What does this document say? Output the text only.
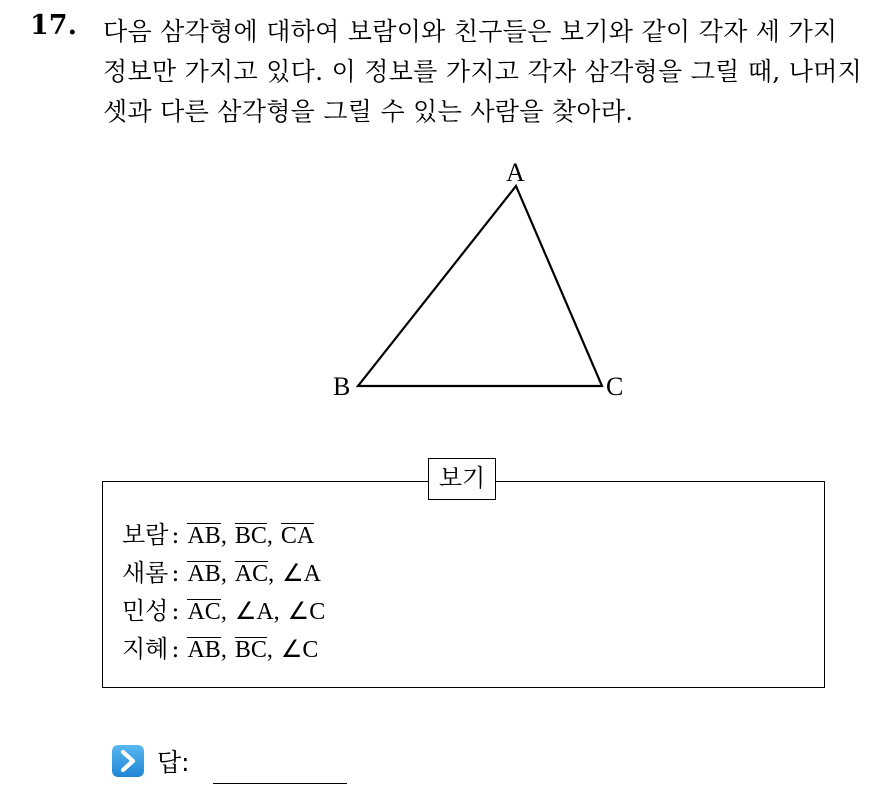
17. 다음 삼각형에 대하여 보람이와 친구들은 보기와 같이 각자 세 가지
정보만 가지고 있다. 이 정보를 가지고 각자 삼각형을 그릴 때, 나머지
셋과 다른 삼각형을 그릴 수 있는 사람을 찾아라.
A
B	C
보기
보람 : AB, BC, CA
새롬 : AB, AC, ∠A
민성 : AC, ∠A, ∠C
지혜 : AB, BC, ∠C
답:
